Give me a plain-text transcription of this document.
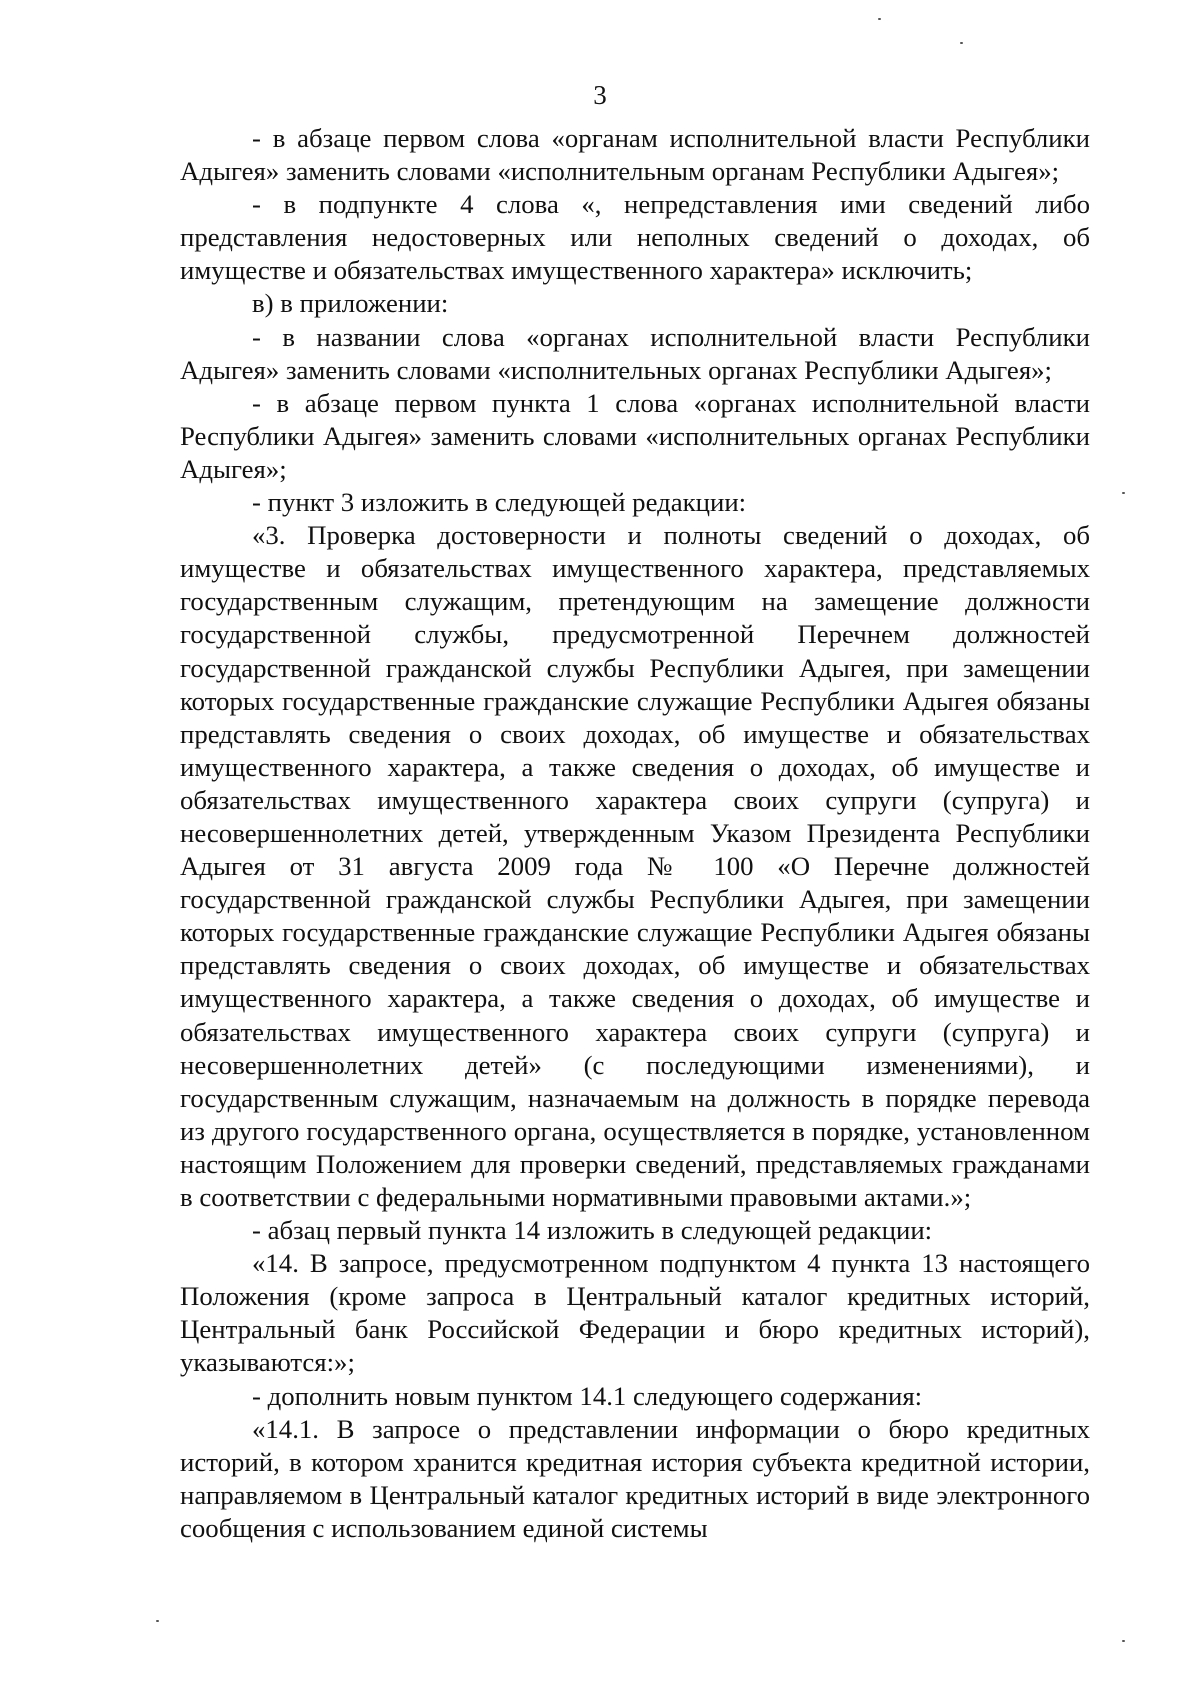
3

- в абзаце первом слова «органам исполнительной власти Республики Адыгея» заменить словами «исполнительным органам Республики Адыгея»;

- в подпункте 4 слова «, непредставления ими сведений либо представления недостоверных или неполных сведений о доходах, об имуществе и обязательствах имущественного характера» исключить;

в) в приложении:

- в названии слова «органах исполнительной власти Республики Адыгея» заменить словами «исполнительных органах Республики Адыгея»;

- в абзаце первом пункта 1 слова «органах исполнительной власти Республики Адыгея» заменить словами «исполнительных органах Республики Адыгея»;

- пункт 3 изложить в следующей редакции:

«3. Проверка достоверности и полноты сведений о доходах, об имуществе и обязательствах имущественного характера, представляемых государственным служащим, претендующим на замещение должности государственной службы, предусмотренной Перечнем должностей государственной гражданской службы Республики Адыгея, при замещении которых государственные гражданские служащие Республики Адыгея обязаны представлять сведения о своих доходах, об имуществе и обязательствах имущественного характера, а также сведения о доходах, об имуществе и обязательствах имущественного характера своих супруги (супруга) и несовершеннолетних детей, утвержденным Указом Президента Республики Адыгея от 31 августа 2009 года № 100 «О Перечне должностей государственной гражданской службы Республики Адыгея, при замещении которых государственные гражданские служащие Республики Адыгея обязаны представлять сведения о своих доходах, об имуществе и обязательствах имущественного характера, а также сведения о доходах, об имуществе и обязательствах имущественного характера своих супруги (супруга) и несовершеннолетних детей» (с последующими изменениями), и государственным служащим, назначаемым на должность в порядке перевода из другого государственного органа, осуществляется в порядке, установленном настоящим Положением для проверки сведений, представляемых гражданами в соответствии с федеральными нормативными правовыми актами.»;

- абзац первый пункта 14 изложить в следующей редакции:

«14. В запросе, предусмотренном подпунктом 4 пункта 13 настоящего Положения (кроме запроса в Центральный каталог кредитных историй, Центральный банк Российской Федерации и бюро кредитных историй), указываются:»;

- дополнить новым пунктом 14.1 следующего содержания:

«14.1. В запросе о представлении информации о бюро кредитных историй, в котором хранится кредитная история субъекта кредитной истории, направляемом в Центральный каталог кредитных историй в виде электронного сообщения с использованием единой системы
